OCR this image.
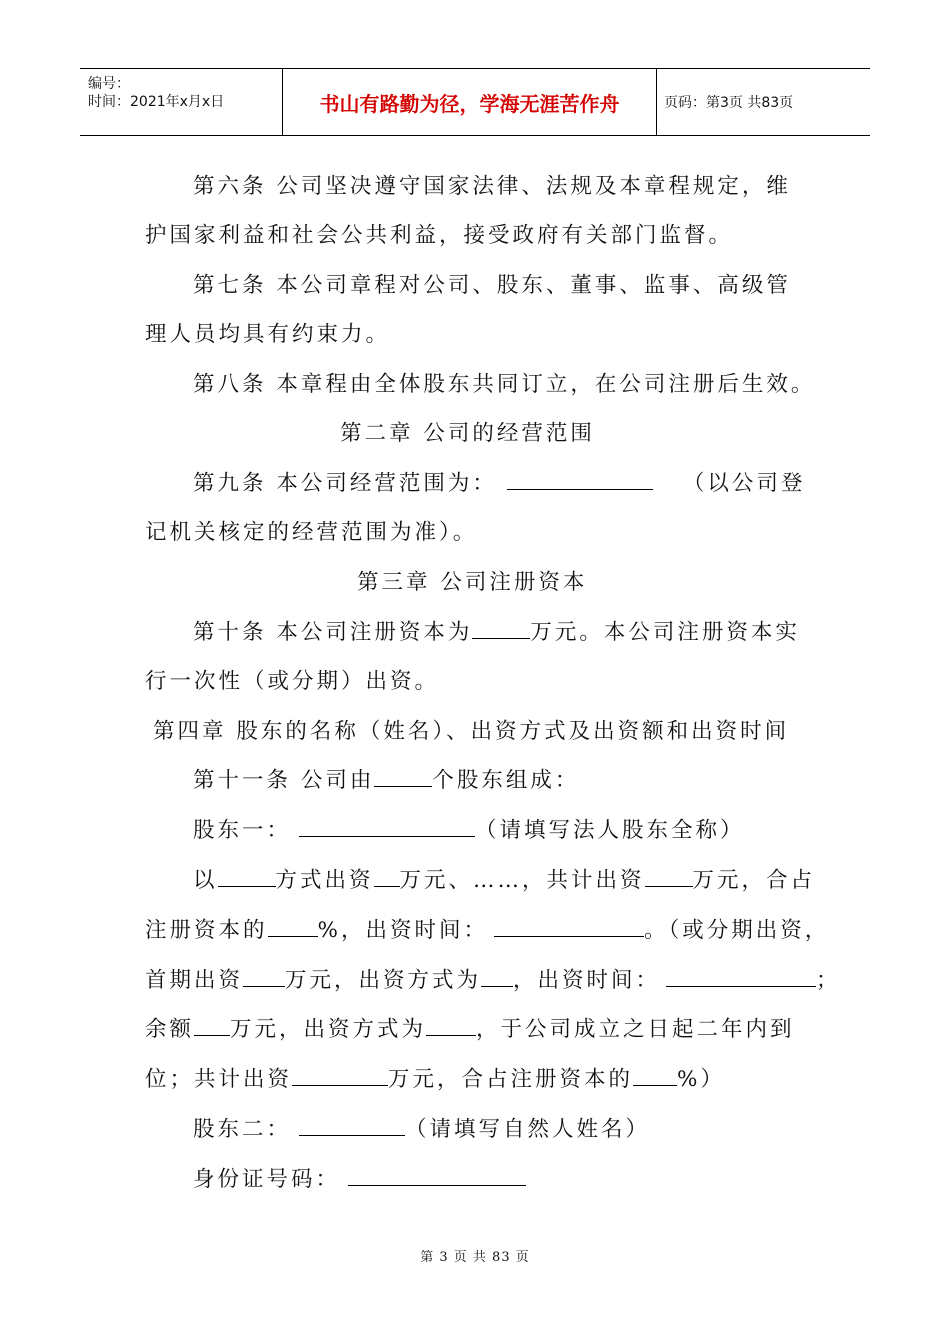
编号：
时间：2021年x月x日	书山有路勤为径，学海无涯苦作舟	页码：第3页 共83页
第六条 公司坚决遵守国家法律、法规及本章程规定，维
护国家利益和社会公共利益，接受政府有关部门监督。
第七条 本公司章程对公司、股东、董事、监事、高级管
理人员均具有约束力。
第八条 本章程由全体股东共同订立，在公司注册后生效。
第二章 公司的经营范围
第九条 本公司经营范围为：	（以公司登
记机关核定的经营范围为准）。
第三章 公司注册资本
第十条 本公司注册资本为	万元。本公司注册资本实
行一次性（或分期）出资。
第四章 股东的名称（姓名）、出资方式及出资额和出资时间
第十一条 公司由	个股东组成：
股东一：	（请填写法人股东全称）
以	方式出资 万元、……，共计出资 万元，合占
注册资本的 %，出资时间：	。（或分期出资，
首期出资 万元，出资方式为 ，出资时间：	；
余额 万元，出资方式为 ，于公司成立之日起二年内到
位；共计出资	万元，合占注册资本的 %）
股东二：	（请填写自然人姓名）
身份证号码：
第 3 页 共 83 页
